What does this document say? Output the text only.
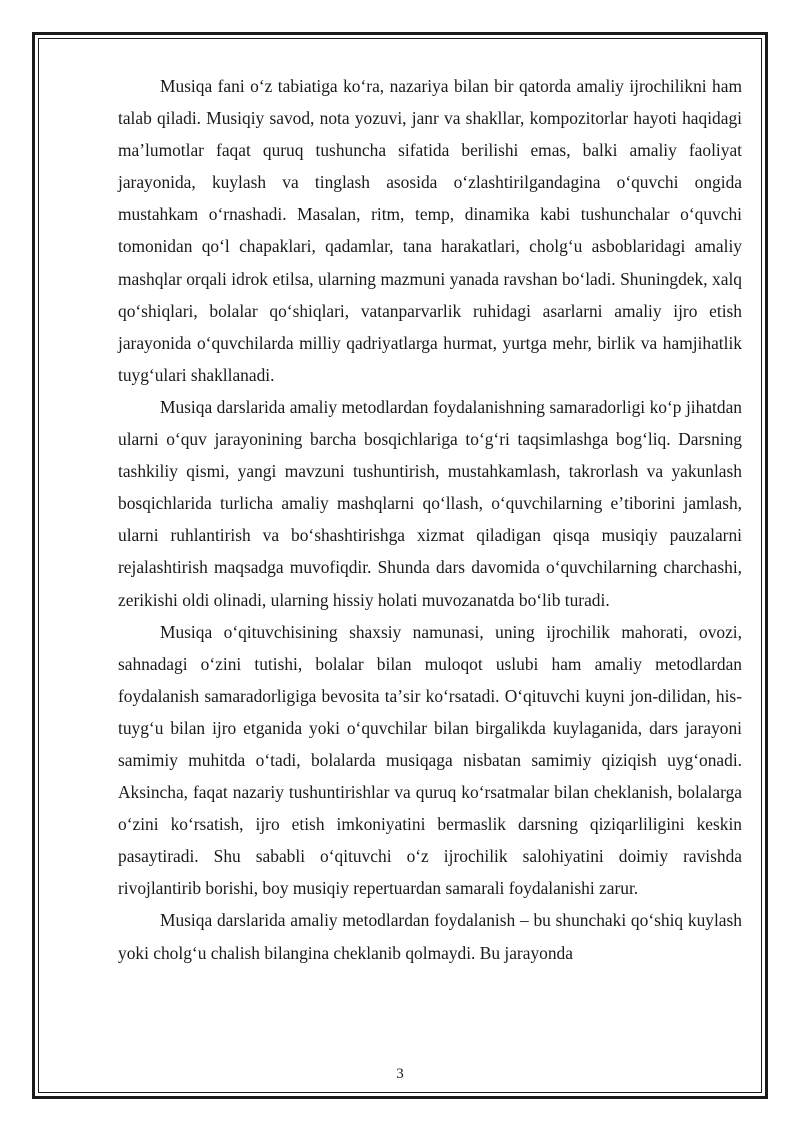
Musiqa fani oʻz tabiatiga koʻra, nazariya bilan bir qatorda amaliy ijrochilikni ham talab qiladi. Musiqiy savod, nota yozuvi, janr va shakllar, kompozitorlar hayoti haqidagi maʼlumotlar faqat quruq tushuncha sifatida berilishi emas, balki amaliy faoliyat jarayonida, kuylash va tinglash asosida oʻzlashtirilgandagina oʻquvchi ongida mustahkam oʻrnashadi. Masalan, ritm, temp, dinamika kabi tushunchalar oʻquvchi tomonidan qoʻl chapaklari, qadamlar, tana harakatlari, cholgʻu asboblaridagi amaliy mashqlar orqali idrok etilsa, ularning mazmuni yanada ravshan boʻladi. Shuningdek, xalq qoʻshiqlari, bolalar qoʻshiqlari, vatanparvarlik ruhidagi asarlarni amaliy ijro etish jarayonida oʻquvchilarda milliy qadriyatlarga hurmat, yurtga mehr, birlik va hamjihatlik tuygʻulari shakllanadi.

Musiqa darslarida amaliy metodlardan foydalanishning samaradorligi koʻp jihatdan ularni oʻquv jarayonining barcha bosqichlariga toʻgʻri taqsimlashga bogʻliq. Darsning tashkiliy qismi, yangi mavzuni tushuntirish, mustahkamlash, takrorlash va yakunlash bosqichlarida turlicha amaliy mashqlarni qoʻllash, oʻquvchilarning eʼtiborini jamlash, ularni ruhlantirish va boʻshashtirishga xizmat qiladigan qisqa musiqiy pauzalarni rejalashtirish maqsadga muvofiqdir. Shunda dars davomida oʻquvchilarning charchashi, zerikishi oldi olinadi, ularning hissiy holati muvozanatda boʻlib turadi.

Musiqa oʻqituvchisining shaxsiy namunasi, uning ijrochilik mahorati, ovozi, sahnadagi oʻzini tutishi, bolalar bilan muloqot uslubi ham amaliy metodlardan foydalanish samaradorligiga bevosita taʼsir koʻrsatadi. Oʻqituvchi kuyni jon-dilidan, his-tuygʻu bilan ijro etganida yoki oʻquvchilar bilan birgalikda kuylaganida, dars jarayoni samimiy muhitda oʻtadi, bolalarda musiqaga nisbatan samimiy qiziqish uygʻonadi. Aksincha, faqat nazariy tushuntirishlar va quruq koʻrsatmalar bilan cheklanish, bolalarga oʻzini koʻrsatish, ijro etish imkoniyatini bermaslik darsning qiziqarliligini keskin pasaytiradi. Shu sababli oʻqituvchi oʻz ijrochilik salohiyatini doimiy ravishda rivojlantirib borishi, boy musiqiy repertuardan samarali foydalanishi zarur.

Musiqa darslarida amaliy metodlardan foydalanish – bu shunchaki qoʻshiq kuylash yoki cholgʻu chalish bilangina cheklanib qolmaydi. Bu jarayonda

3
